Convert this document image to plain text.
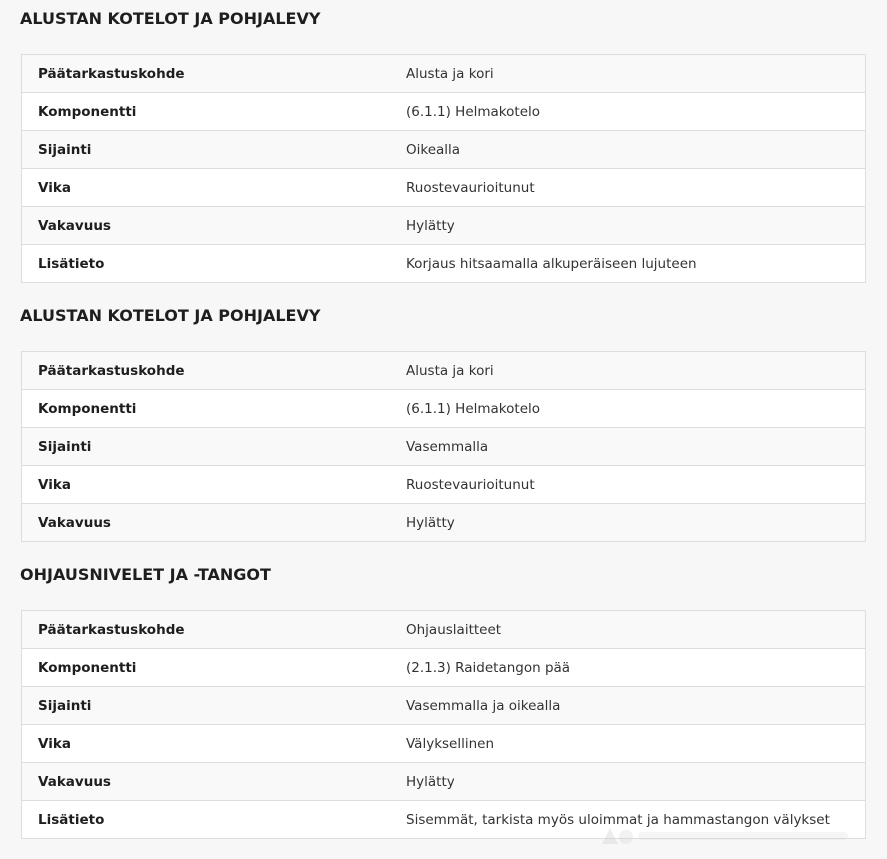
ALUSTAN KOTELOT JA POHJALEVY
Päätarkastuskohde	Alusta ja kori
Komponentti	(6.1.1) Helmakotelo
Sijainti	Oikealla
Vika	Ruostevaurioitunut
Vakavuus	Hylätty
Lisätieto	Korjaus hitsaamalla alkuperäiseen lujuteen
ALUSTAN KOTELOT JA POHJALEVY
Päätarkastuskohde	Alusta ja kori
Komponentti	(6.1.1) Helmakotelo
Sijainti	Vasemmalla
Vika	Ruostevaurioitunut
Vakavuus	Hylätty
OHJAUSNIVELET JA -TANGOT
Päätarkastuskohde	Ohjauslaitteet
Komponentti	(2.1.3) Raidetangon pää
Sijainti	Vasemmalla ja oikealla
Vika	Välyksellinen
Vakavuus	Hylätty
Lisätieto	Sisemmät, tarkista myös uloimmat ja hammastangon välykset
